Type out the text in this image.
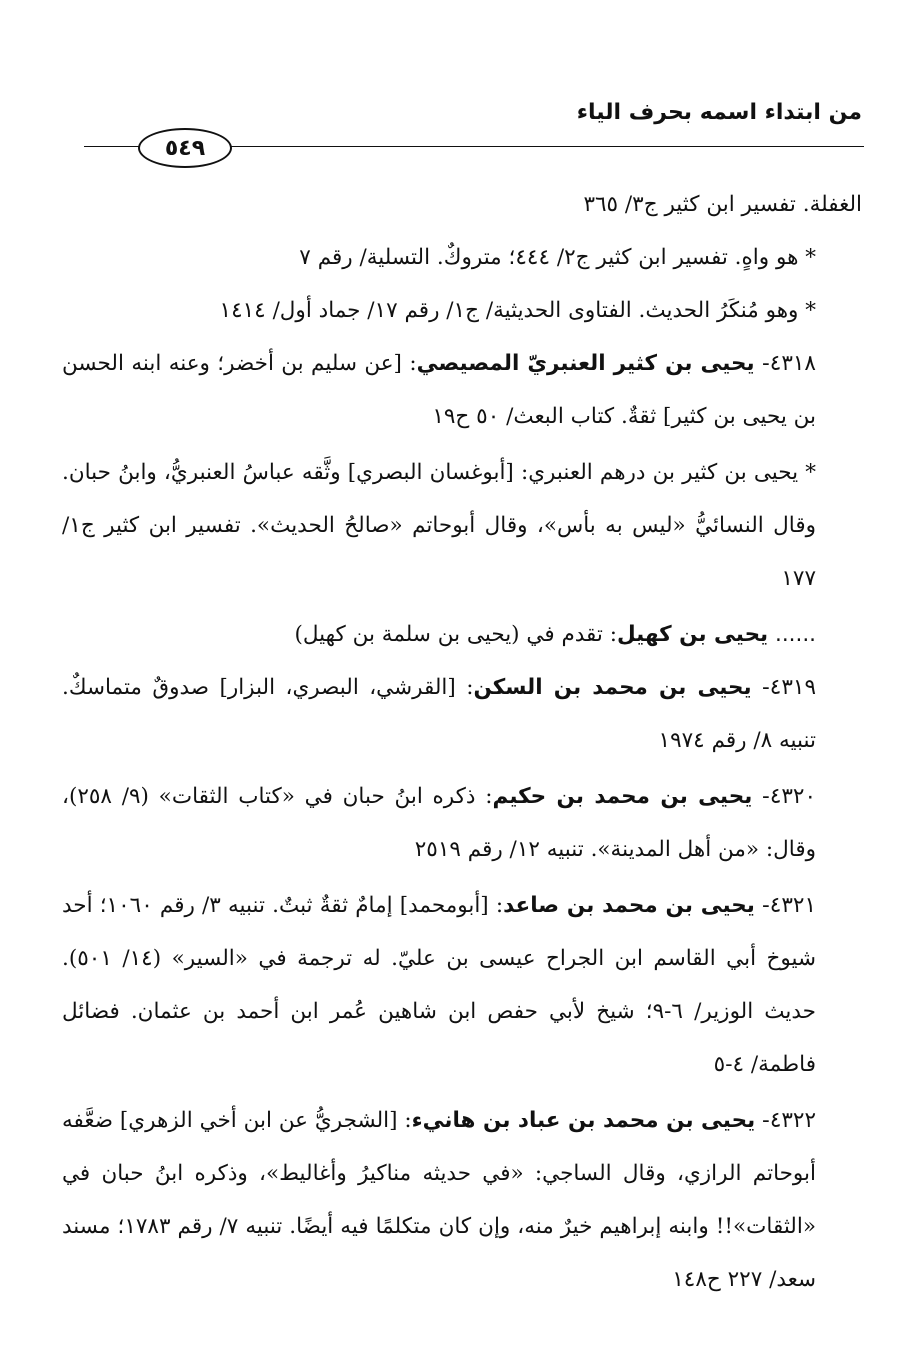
من ابتداء اسمه بحرف الياء
٥٤٩

الغفلة. تفسير ابن كثير ج٣/ ٣٦٥

* هو واهٍ. تفسير ابن كثير ج٢/ ٤٤٤؛ متروكٌ. التسلية/ رقم ٧

* وهو مُنكَرُ الحديث. الفتاوى الحديثية/ ج١/ رقم ١٧/ جماد أول/ ١٤١٤

٤٣١٨- يحيى بن كثير العنبريّ المصيصي: [عن سليم بن أخضر؛ وعنه ابنه الحسن بن يحيى بن كثير] ثقةٌ. كتاب البعث/ ٥٠ ح١٩

* يحيى بن كثير بن درهم العنبري: [أبوغسان البصري] وثَّقه عباسُ العنبريُّ، وابنُ حبان. وقال النسائيُّ «ليس به بأس»، وقال أبوحاتم «صالحُ الحديث». تفسير ابن كثير ج١/ ١٧٧

...... يحيى بن كهيل: تقدم في (يحيى بن سلمة بن كهيل)

٤٣١٩- يحيى بن محمد بن السكن: [القرشي، البصري، البزار] صدوقٌ متماسكٌ. تنبيه ٨/ رقم ١٩٧٤

٤٣٢٠- يحيى بن محمد بن حكيم: ذكره ابنُ حبان في «كتاب الثقات» (٩/ ٢٥٨)، وقال: «من أهل المدينة». تنبيه ١٢/ رقم ٢٥١٩

٤٣٢١- يحيى بن محمد بن صاعد: [أبومحمد] إمامٌ ثقةٌ ثبتٌ. تنبيه ٣/ رقم ١٠٦٠؛ أحد شيوخ أبي القاسم ابن الجراح عيسى بن عليّ. له ترجمة في «السير» (١٤/ ٥٠١). حديث الوزير/ ٦-٩؛ شيخ لأبي حفص ابن شاهين عُمر ابن أحمد بن عثمان. فضائل فاطمة/ ٤-٥

٤٣٢٢- يحيى بن محمد بن عباد بن هانيء: [الشجريُّ عن ابن أخي الزهري] ضعَّفه أبوحاتم الرازي، وقال الساجي: «في حديثه مناكيرُ وأغاليط»، وذكره ابنُ حبان في «الثقات»!! وابنه إبراهيم خيرٌ منه، وإن كان متكلمًا فيه أيضًا. تنبيه ٧/ رقم ١٧٨٣؛ مسند سعد/ ٢٢٧ ح١٤٨
